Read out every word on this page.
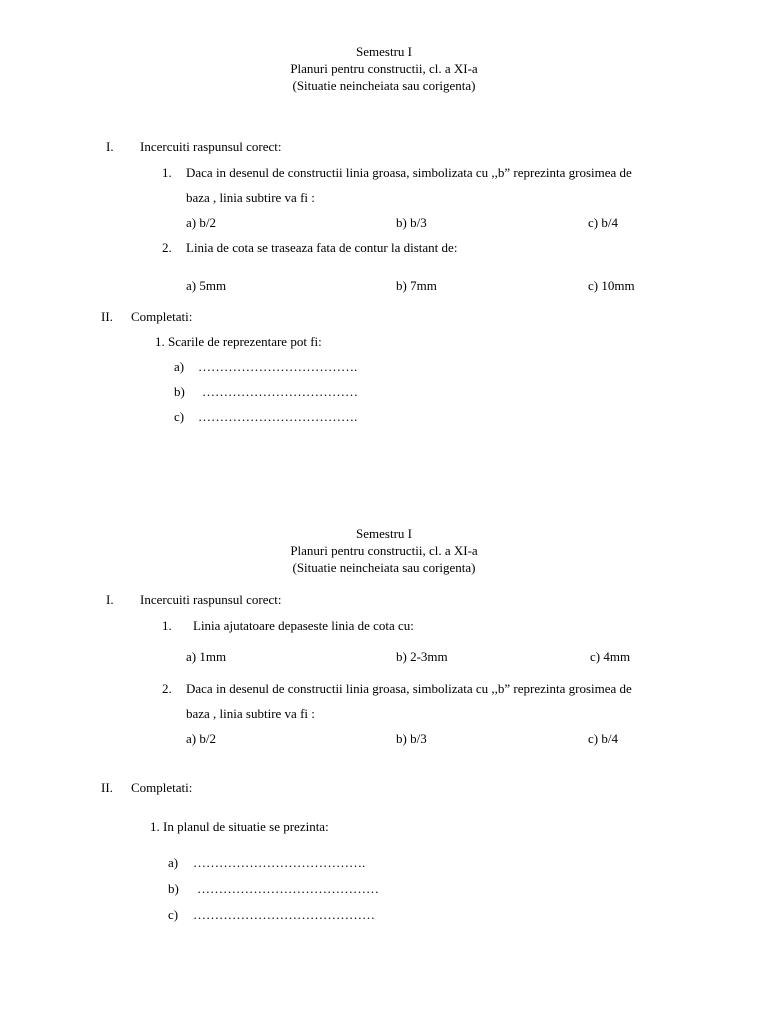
Semestru I
Planuri pentru constructii, cl. a XI-a
(Situatie neincheiata sau corigenta)
I. Incercuiti raspunsul corect:
1. Daca in desenul de constructii linia groasa, simbolizata cu ,,b” reprezinta grosimea de
baza , linia subtire va fi :
a) b/2	b) b/3	c) b/4
2. Linia de cota se traseaza fata de contur la distant de:
a) 5mm	b) 7mm	c) 10mm
II. Completati:
1. Scarile de reprezentare pot fi:
a) ……………………………….
b) ………………………………
c) ……………………………….
Semestru I
Planuri pentru constructii, cl. a XI-a
(Situatie neincheiata sau corigenta)
I. Incercuiti raspunsul corect:
1. Linia ajutatoare depaseste linia de cota cu:
a) 1mm	b) 2-3mm	c) 4mm
2. Daca in desenul de constructii linia groasa, simbolizata cu ,,b” reprezinta grosimea de
baza , linia subtire va fi :
a) b/2	b) b/3	c) b/4
II. Completati:
1. In planul de situatie se prezinta:
a) ………………………………….
b) ……………………………………
c) ……………………………………
